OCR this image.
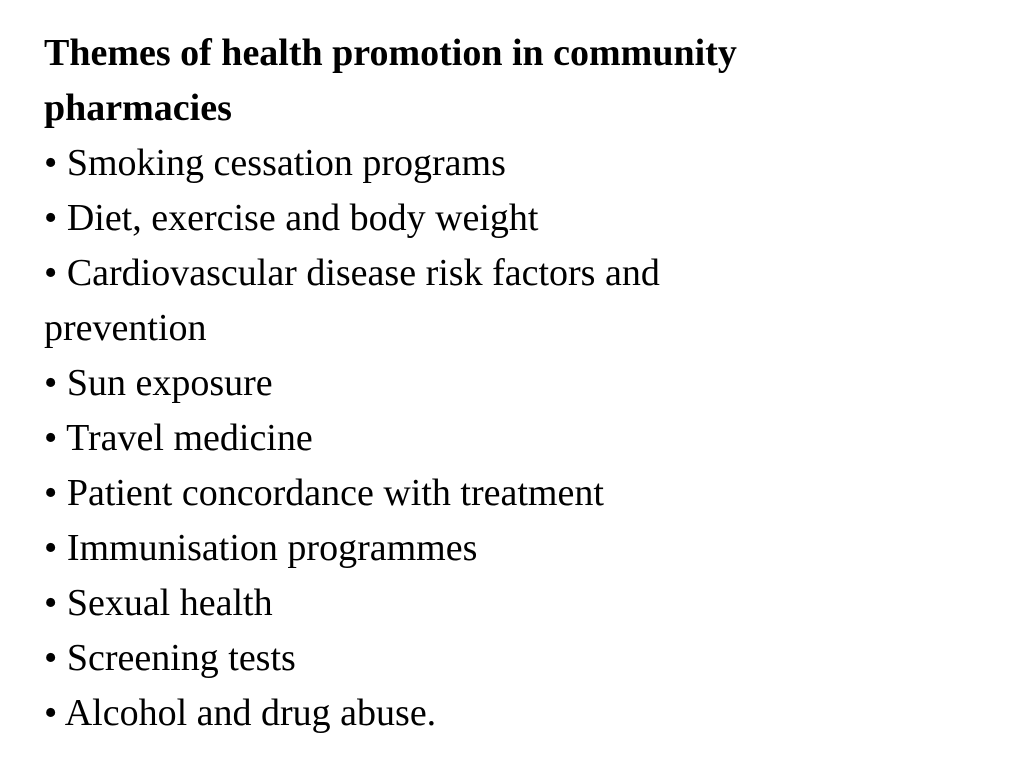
Themes of health promotion in community
pharmacies
• Smoking cessation programs
• Diet, exercise and body weight
• Cardiovascular disease risk factors and
prevention
• Sun exposure
• Travel medicine
• Patient concordance with treatment
• Immunisation programmes
• Sexual health
• Screening tests
• Alcohol and drug abuse.
